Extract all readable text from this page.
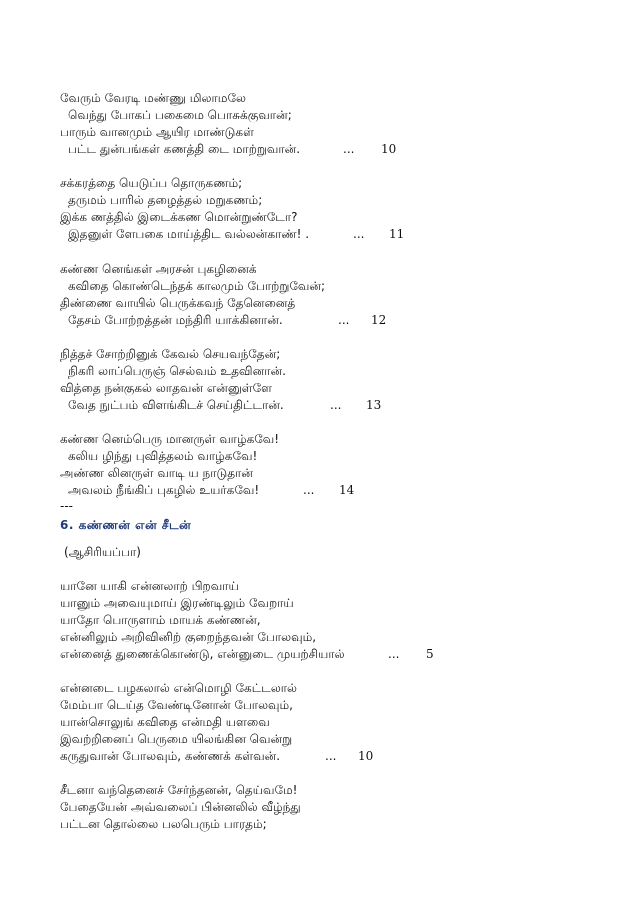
வேரும் வேரடி மண்ணு மிலாமலே
வெந்து போகப் பகைமை பொசுக்குவான்;
பாரும் வானமும் ஆயிர மாண்டுகள்
பட்ட துன்பங்கள் கணத்தி டை மாற்றுவான்.	... 10
சக்கரத்தை யெடுப்ப தொருகணம்;
தருமம் பாரில் தழைத்தல் மறுகணம்;
இக்க ணத்தில் இடைக்கண மொன்றுண்டோ?
இதனுள் ளேபகை மாய்த்திட வல்லன்காண்! .	... 11
கண்ண னெங்கள் அரசன் புகழினைக்
கவிதை கொண்டெந்தக் காலமும் போற்றுவேன்;
திண்ணை வாயில் பெருக்கவந் தேனெனைத்
தேசம் போற்றத்தன் மந்திரி யாக்கினான்.	... 12
நித்தச் சோற்றினுக் கேவல் செயவந்தேன்;
நிகரி லாப்பெருஞ் செல்வம் உதவினான்.
வித்தை நன்குகல் லாதவன் என்னுள்ளே
வேத நுட்பம் விளங்கிடச் செய்திட்டான்.	... 13
கண்ண னெம்பெரு மானருள் வாழ்கவே!
கலிய ழிந்து புவித்தலம் வாழ்கவே!
அண்ண லினருள் வாடி ய நாடுதான்
அவலம் நீங்கிப் புகழில் உயர்கவே!	... 14
---
6. கண்ணன் என் சீடன்
(ஆசிரியப்பா)
யானே யாகி என்னலாற் பிறவாய்
யானும் அவையுமாய் இரண்டிலும் வேறாய்
யாதோ பொருளாம் மாயக் கண்ணன்,
என்னிலும் அறிவினிற் குறைந்தவன் போலவும்,
என்னைத் துணைக்கொண்டு, என்னுடை முயற்சியால்	... 5
என்னடை பழகலால் என்மொழி கேட்டலால்
மேம்பா டெய்த வேண்டினோன் போலவும்,
யான்சொலுங் கவிதை என்மதி யளவை
இவற்றினைப் பெருமை யிலங்கின வென்று
கருதுவான் போலவும், கண்ணக் கள்வன்.	... 10
சீடனா வந்தெனைச் சேர்ந்தனன், தெய்வமே!
பேதையேன் அவ்வலைப் பின்னலில் வீழ்ந்து
பட்டன தொல்லை பலபெரும் பாரதம்;
